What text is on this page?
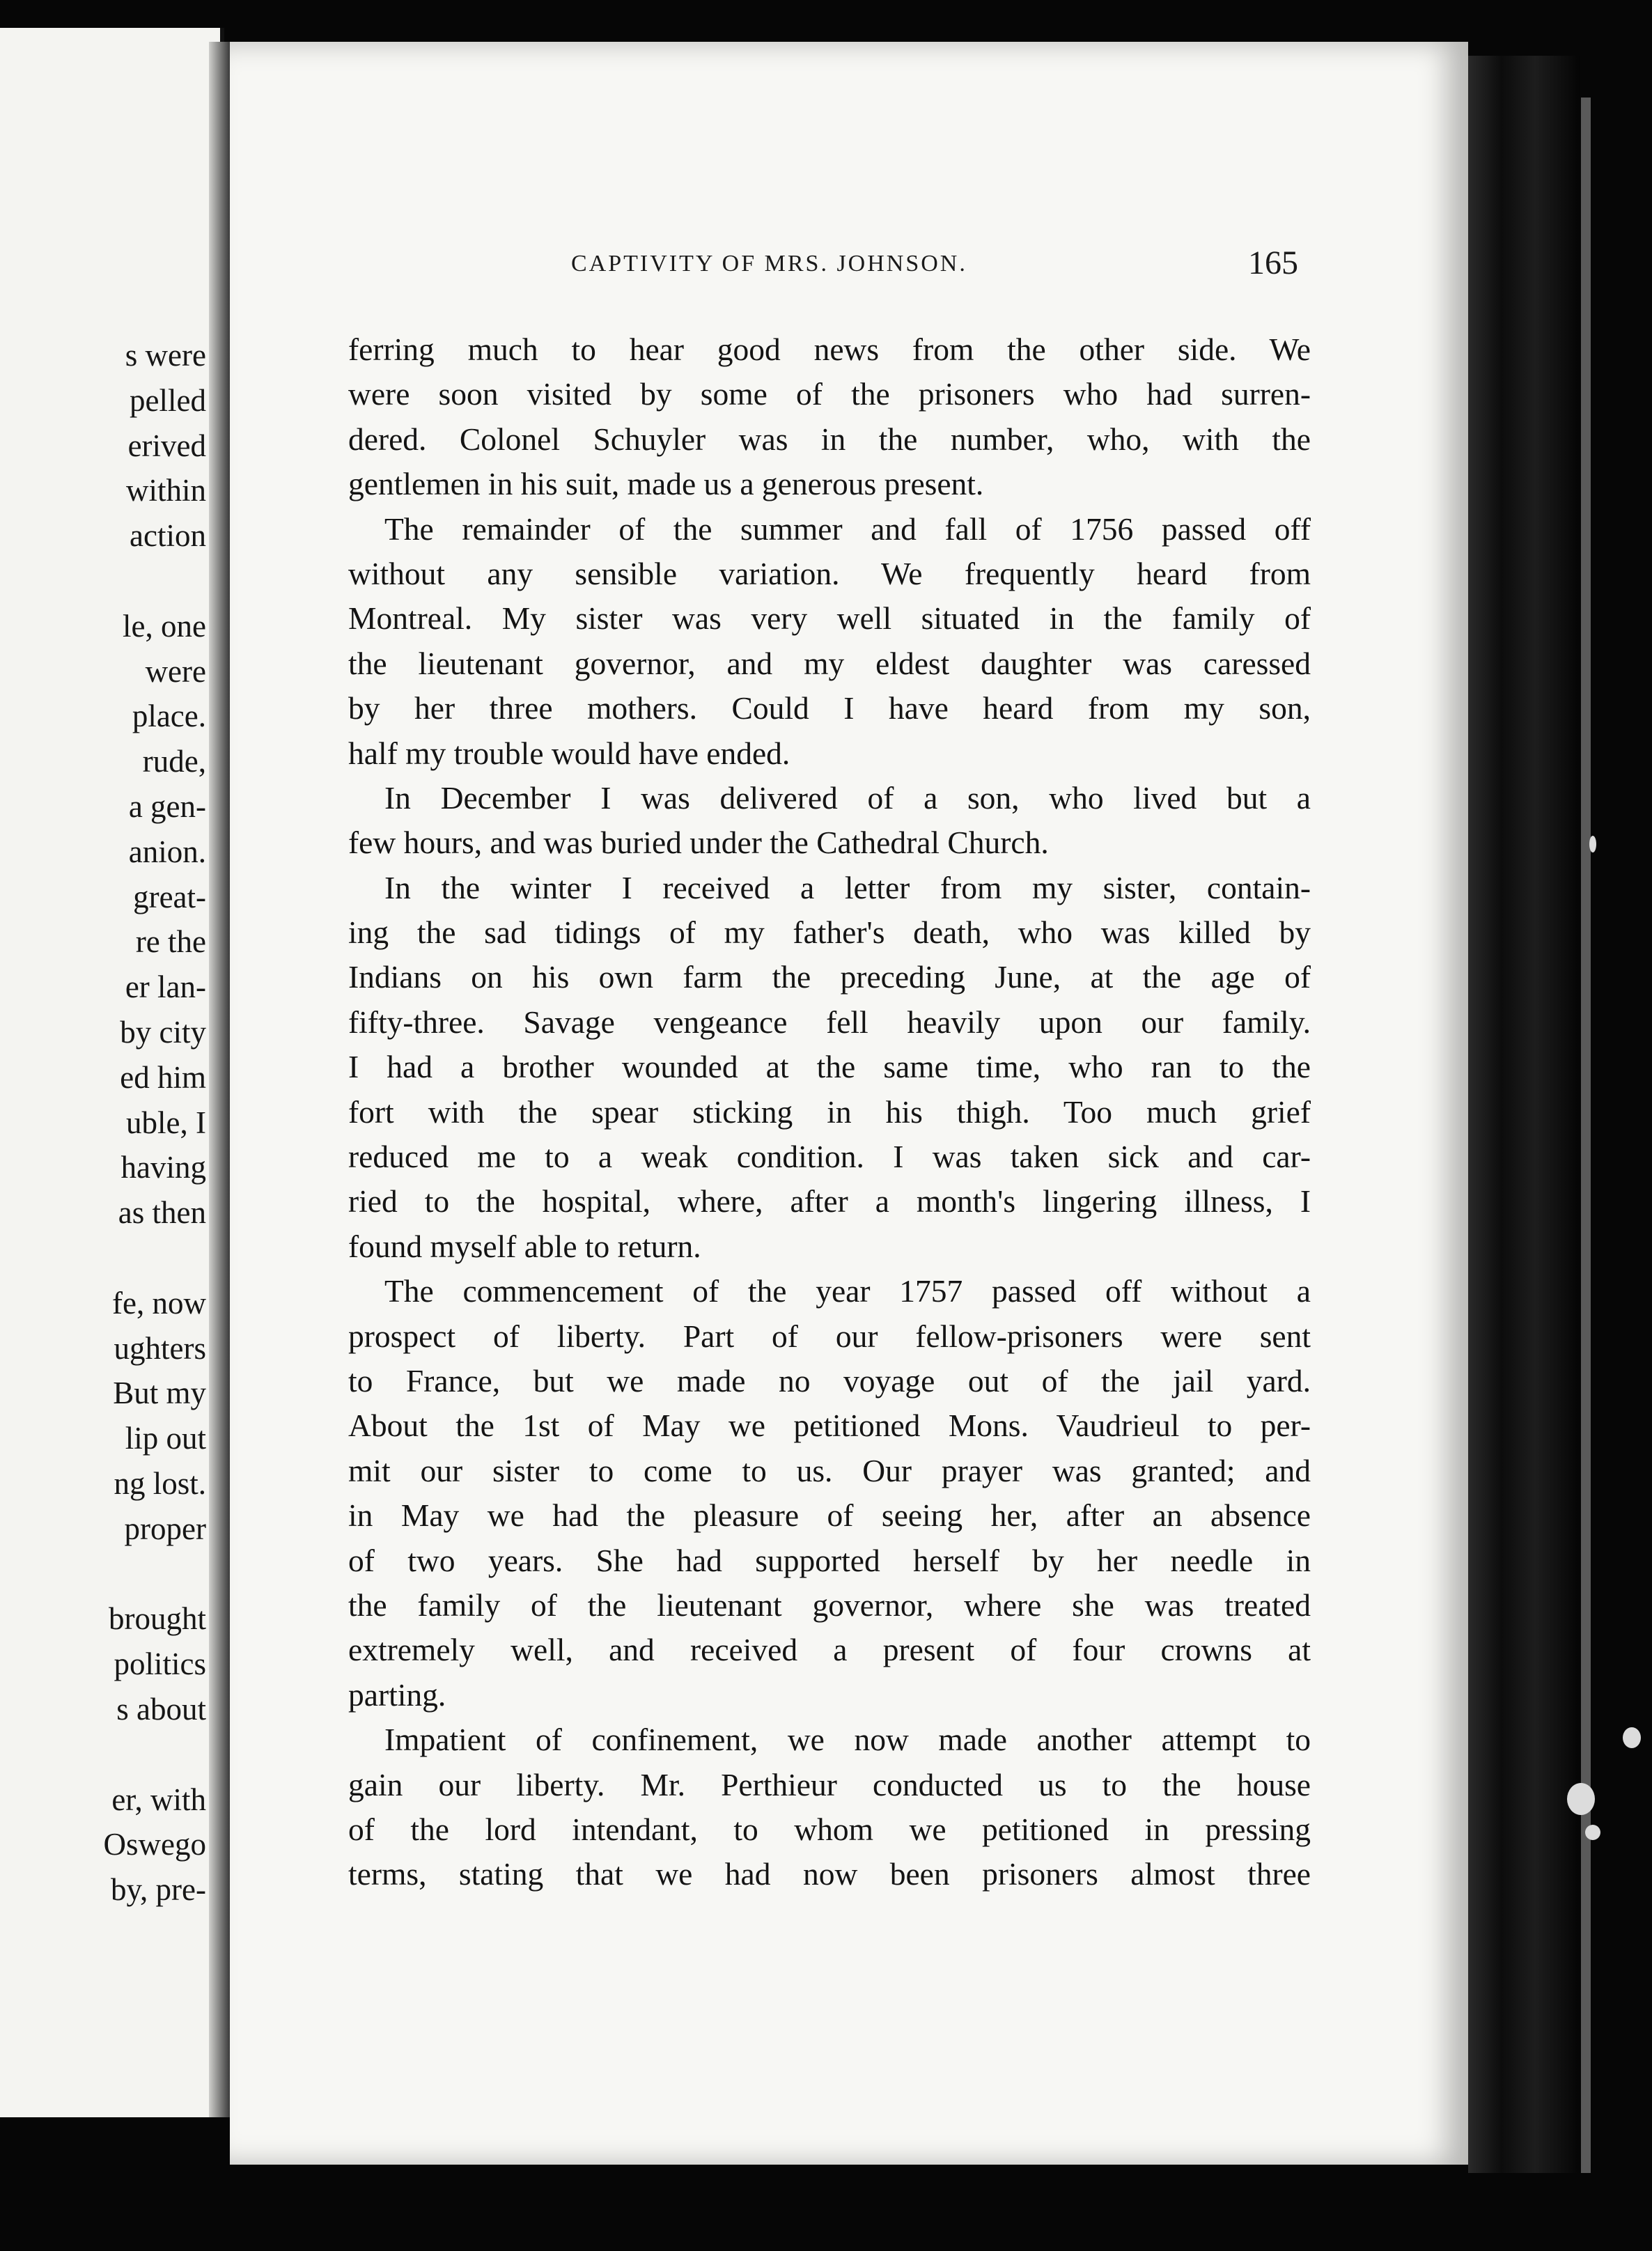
s were
pelled
erived
within
action
le, one
were
place.
rude,
a gen-
anion.
great-
re the
er lan-
by city
ed him
uble, I
having
as then
fe, now
ughters
But my
lip out
ng lost.
proper
brought
politics
s about
er, with
Oswego
by, pre-
CAPTIVITY OF MRS. JOHNSON.	165
ferring much to hear good news from the other side. We
were soon visited by some of the prisoners who had surren-
dered. Colonel Schuyler was in the number, who, with the
gentlemen in his suit, made us a generous present.
The remainder of the summer and fall of 1756 passed off
without any sensible variation. We frequently heard from
Montreal. My sister was very well situated in the family of
the lieutenant governor, and my eldest daughter was caressed
by her three mothers. Could I have heard from my son,
half my trouble would have ended.
In December I was delivered of a son, who lived but a
few hours, and was buried under the Cathedral Church.
In the winter I received a letter from my sister, contain-
ing the sad tidings of my father's death, who was killed by
Indians on his own farm the preceding June, at the age of
fifty-three. Savage vengeance fell heavily upon our family.
I had a brother wounded at the same time, who ran to the
fort with the spear sticking in his thigh. Too much grief
reduced me to a weak condition. I was taken sick and car-
ried to the hospital, where, after a month's lingering illness, I
found myself able to return.
The commencement of the year 1757 passed off without a
prospect of liberty. Part of our fellow-prisoners were sent
to France, but we made no voyage out of the jail yard.
About the 1st of May we petitioned Mons. Vaudrieul to per-
mit our sister to come to us. Our prayer was granted; and
in May we had the pleasure of seeing her, after an absence
of two years. She had supported herself by her needle in
the family of the lieutenant governor, where she was treated
extremely well, and received a present of four crowns at
parting.
Impatient of confinement, we now made another attempt to
gain our liberty. Mr. Perthieur conducted us to the house
of the lord intendant, to whom we petitioned in pressing
terms, stating that we had now been prisoners almost three
